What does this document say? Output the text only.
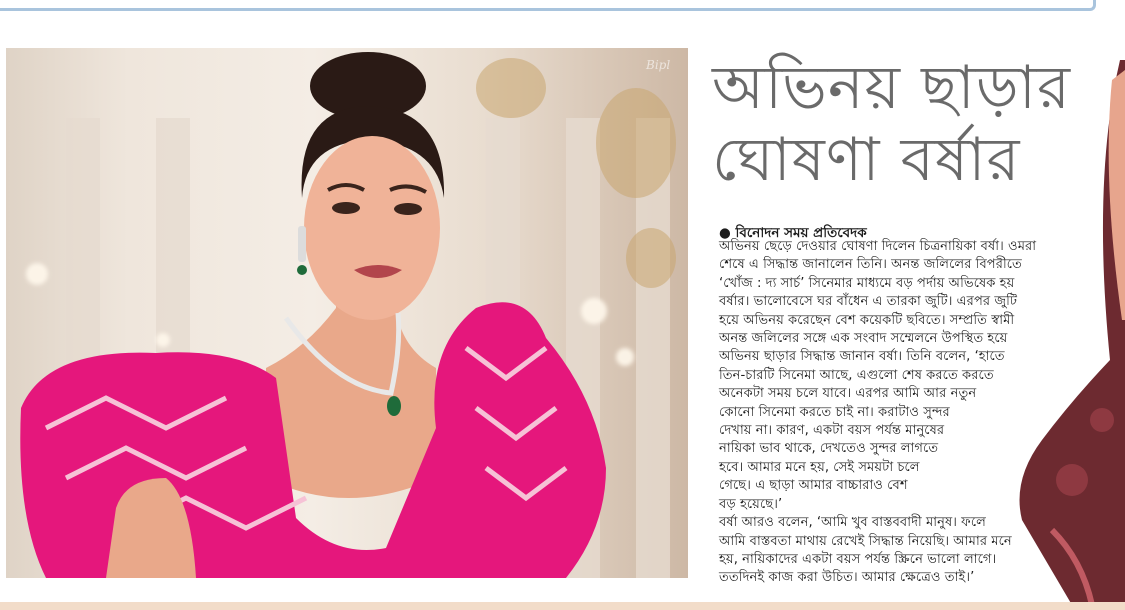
Bipl অভিনয় ছাড়ার
ঘোষণা বর্ষার

● বিনোদন সময় প্রতিবেদক

অভিনয় ছেড়ে দেওয়ার ঘোষণা দিলেন চিত্রনায়িকা বর্ষা। ওমরা
শেষে এ সিদ্ধান্ত জানালেন তিনি। অনন্ত জলিলের বিপরীতে
‘খোঁজ : দ্য সার্চ’ সিনেমার মাধ্যমে বড় পর্দায় অভিষেক হয়
বর্ষার। ভালোবেসে ঘর বাঁধেন এ তারকা জুটি। এরপর জুটি
হয়ে অভিনয় করেছেন বেশ কয়েকটি ছবিতে। সম্প্রতি স্বামী
অনন্ত জলিলের সঙ্গে এক সংবাদ সম্মেলনে উপস্থিত হয়ে
অভিনয় ছাড়ার সিদ্ধান্ত জানান বর্ষা। তিনি বলেন, ‘হাতে
তিন-চারটি সিনেমা আছে, এগুলো শেষ করতে করতে
অনেকটা সময় চলে যাবে। এরপর আমি আর নতুন
কোনো সিনেমা করতে চাই না। করাটাও সুন্দর
দেখায় না। কারণ, একটা বয়স পর্যন্ত মানুষের
নায়িকা ভাব থাকে, দেখতেও সুন্দর লাগতে
হবে। আমার মনে হয়, সেই সময়টা চলে
গেছে। এ ছাড়া আমার বাচ্চারাও বেশ
বড় হয়েছে।’
বর্ষা আরও বলেন, ‘আমি খুব বাস্তববাদী মানুষ। ফলে
আমি বাস্তবতা মাথায় রেখেই সিদ্ধান্ত নিয়েছি। আমার মনে
হয়, নায়িকাদের একটা বয়স পর্যন্ত স্ক্রিনে ভালো লাগে।
ততদিনই কাজ করা উচিত। আমার ক্ষেত্রেও তাই।’
